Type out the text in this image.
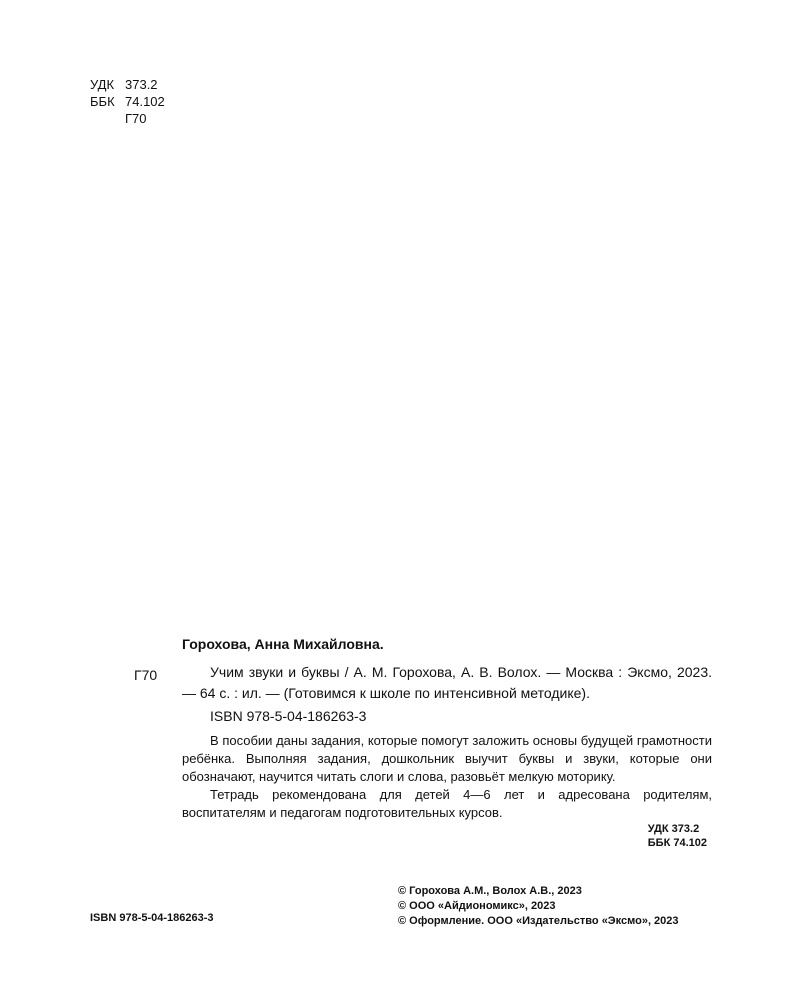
УДК 373.2
ББК 74.102
Г70
Горохова, Анна Михайловна.
Г70	Учим звуки и буквы / А. М. Горохова, А. В. Волох. — Москва : Эксмо, 2023. — 64 с. : ил. — (Готовимся к школе по интенсивной методике).

ISBN 978-5-04-186263-3

В пособии даны задания, которые помогут заложить основы будущей грамотности ребёнка. Выполняя задания, дошкольник выучит буквы и звуки, которые они обозначают, научится читать слоги и слова, разовьёт мелкую моторику.

Тетрадь рекомендована для детей 4—6 лет и адресована родителям, воспитателям и педагогам подготовительных курсов.

УДК 373.2
ББК 74.102
ISBN 978-5-04-186263-3
© Горохова А.М., Волох А.В., 2023
© ООО «Айдиономикс», 2023
© Оформление. ООО «Издательство «Эксмо», 2023
